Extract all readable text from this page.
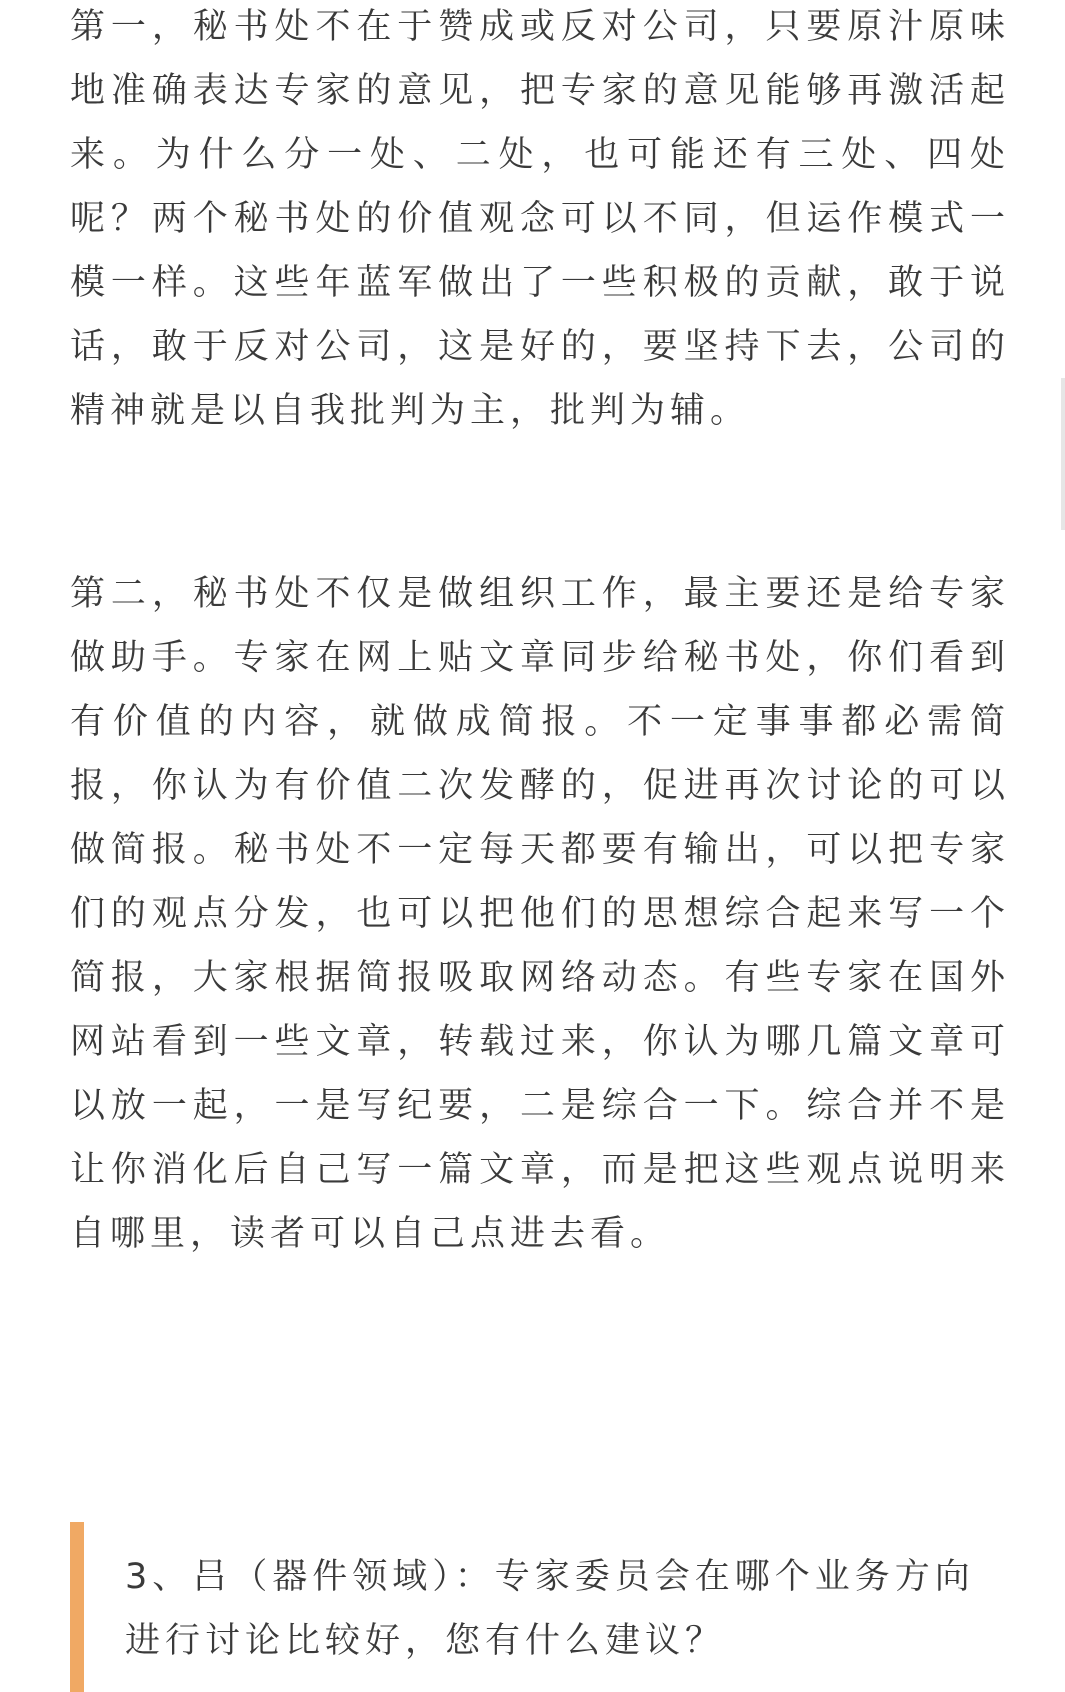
第一，秘书处不在于赞成或反对公司，只要原汁原味地准确表达专家的意见，把专家的意见能够再激活起来。为什么分一处、二处，也可能还有三处、四处呢？两个秘书处的价值观念可以不同，但运作模式一模一样。这些年蓝军做出了一些积极的贡献，敢于说话，敢于反对公司，这是好的，要坚持下去，公司的精神就是以自我批判为主，批判为辅。

第二，秘书处不仅是做组织工作，最主要还是给专家做助手。专家在网上贴文章同步给秘书处，你们看到有价值的内容，就做成简报。不一定事事都必需简报，你认为有价值二次发酵的，促进再次讨论的可以做简报。秘书处不一定每天都要有输出，可以把专家们的观点分发，也可以把他们的思想综合起来写一个简报，大家根据简报吸取网络动态。有些专家在国外网站看到一些文章，转载过来，你认为哪几篇文章可以放一起，一是写纪要，二是综合一下。综合并不是让你消化后自己写一篇文章，而是把这些观点说明来自哪里，读者可以自己点进去看。

3、吕（器件领域）：专家委员会在哪个业务方向进行讨论比较好，您有什么建议？
